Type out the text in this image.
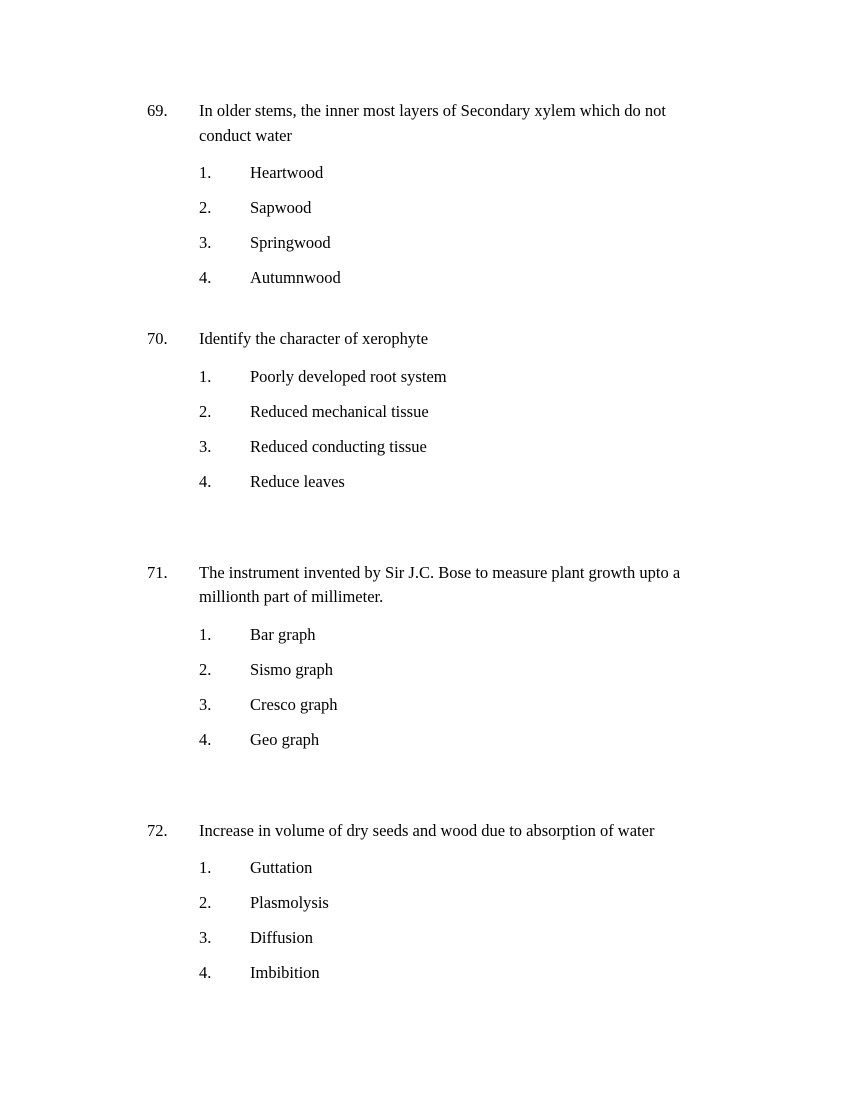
69.	In older stems, the inner most layers of Secondary xylem which do not conduct water

1.	Heartwood
2.	Sapwood
3.	Springwood
4.	Autumnwood
70.	Identify the character of xerophyte

1.	Poorly developed root system
2.	Reduced mechanical tissue
3.	Reduced conducting tissue
4.	Reduce leaves
71.	The instrument invented by Sir J.C. Bose to measure plant growth upto a millionth part of millimeter.

1.	Bar graph
2.	Sismo graph
3.	Cresco graph
4.	Geo graph
72.	Increase in volume of dry seeds and wood due to absorption of water

1.	Guttation
2.	Plasmolysis
3.	Diffusion
4.	Imbibition
